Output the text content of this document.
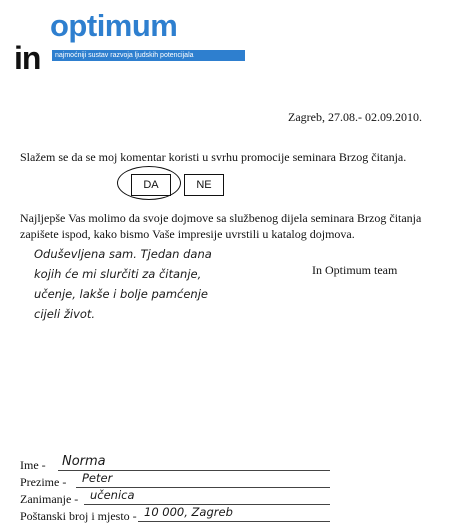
optimum
in	najmoćniji sustav razvoja ljudskih potencijala
Zagreb, 27.08.- 02.09.2010.
Slažem se da se moj komentar koristi u svrhu promocije seminara Brzog čitanja.
DA	NE
Najljepše Vas molimo da svoje dojmove sa službenog dijela seminara Brzog čitanja zapišete ispod, kako bismo Vaše impresije uvrstili u katalog dojmova.
Oduševljena sam. Tjedan dana
kojih će mi slurčiti za čitanje,
učenje, lakše i bolje pamćenje
cijeli život.
In Optimum team
Ime - Norma
Prezime - Peter
Zanimanje - učenica
Poštanski broj i mjesto - 10 000, Zagreb
